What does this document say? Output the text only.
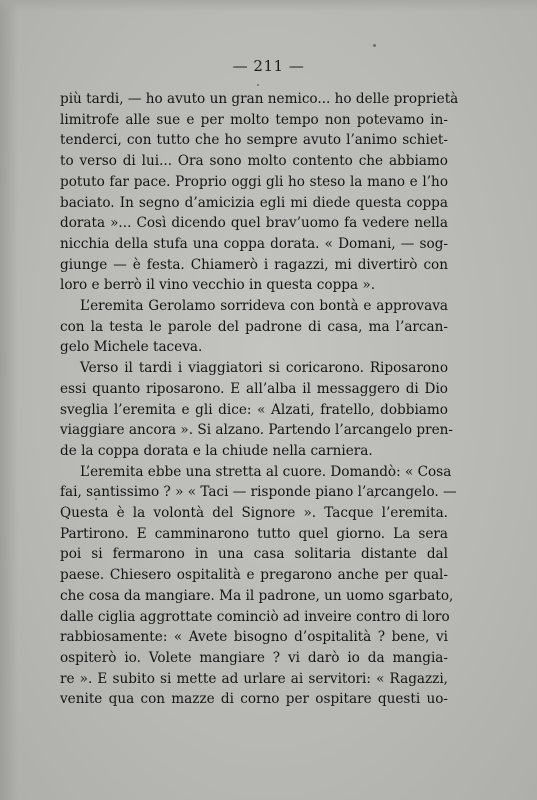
— 211 —
più tardi, — ho avuto un gran nemico... ho delle proprietà
limitrofe alle sue e per molto tempo non potevamo in-
tenderci, con tutto che ho sempre avuto l’animo schiet-
to verso di lui... Ora sono molto contento che abbiamo
potuto far pace. Proprio oggi gli ho steso la mano e l’ho
baciato. In segno d’amicizia egli mi diede questa coppa
dorata »... Così dicendo quel brav’uomo fa vedere nella
nicchia della stufa una coppa dorata. « Domani, — sog-
giunge — è festa. Chiamerò i ragazzi, mi divertirò con
loro e berrò il vino vecchio in questa coppa ».
L’eremita Gerolamo sorrideva con bontà e approvava
con la testa le parole del padrone di casa, ma l’arcan-
gelo Michele taceva.
Verso il tardi i viaggiatori si coricarono. Riposarono
essi quanto riposarono. E all’alba il messaggero di Dio
sveglia l’eremita e gli dice: « Alzati, fratello, dobbiamo
viaggiare ancora ». Si alzano. Partendo l’arcangelo pren-
de la coppa dorata e la chiude nella carniera.
L’eremita ebbe una stretta al cuore. Domandò: « Cosa
fai, santissimo ? » « Taci — risponde piano l’arcangelo. —
Questa è la volontà del Signore ». Tacque l’eremita.
Partirono. E camminarono tutto quel giorno. La sera
poi si fermarono in una casa solitaria distante dal
paese. Chiesero ospitalità e pregarono anche per qual-
che cosa da mangiare. Ma il padrone, un uomo sgarbato,
dalle ciglia aggrottate cominciò ad inveire contro di loro
rabbiosamente: « Avete bisogno d’ospitalità ? bene, vi
ospiterò io. Volete mangiare ? vi darò io da mangia-
re ». E subito si mette ad urlare ai servitori: « Ragazzi,
venite qua con mazze di corno per ospitare questi uo-
